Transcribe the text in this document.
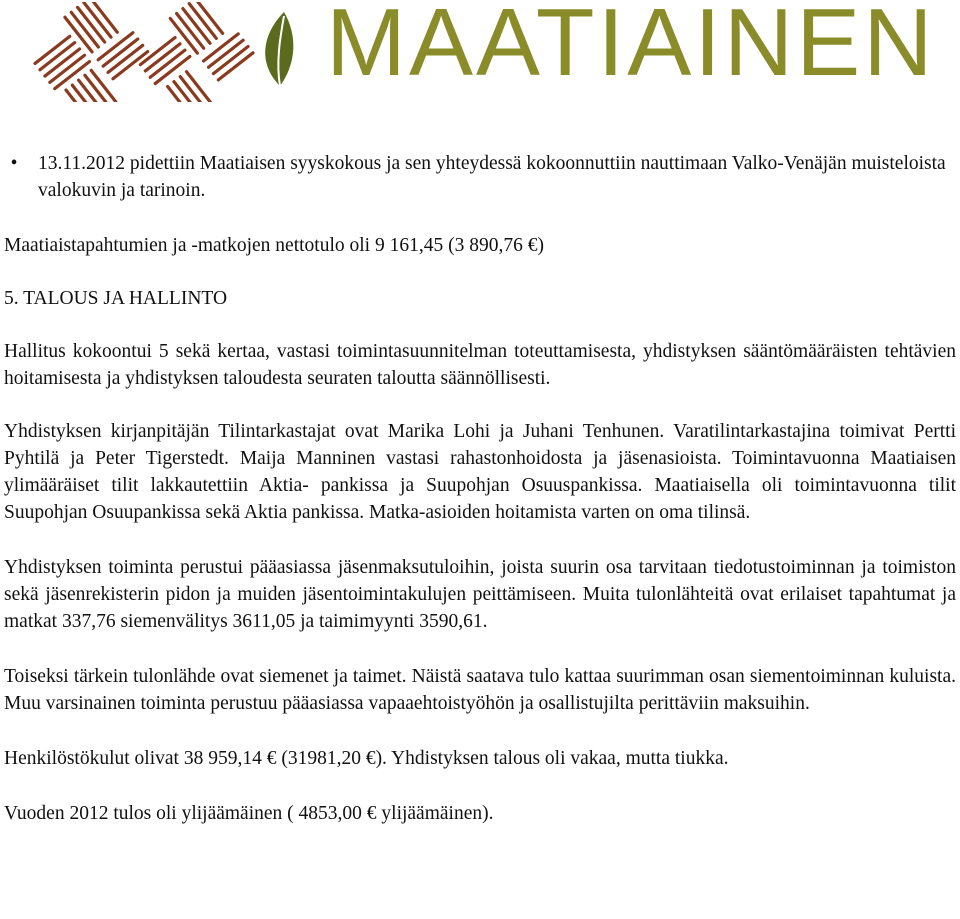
MAATIAINEN
•	13.11.2012 pidettiin Maatiaisen syyskokous ja sen yhteydessä kokoonnuttiin nauttimaan Valko-Venäjän muisteloista valokuvin ja tarinoin.

Maatiaistapahtumien ja -matkojen nettotulo oli 9 161,45 (3 890,76 €)

5. TALOUS JA HALLINTO

Hallitus kokoontui 5 sekä kertaa, vastasi toimintasuunnitelman toteuttamisesta, yhdistyksen sääntömääräisten tehtävien hoitamisesta ja yhdistyksen taloudesta seuraten taloutta säännöllisesti.

Yhdistyksen kirjanpitäjän Tilintarkastajat ovat Marika Lohi ja Juhani Tenhunen. Varatilintarkastajina toimivat Pertti Pyhtilä ja Peter Tigerstedt. Maija Manninen vastasi rahastonhoidosta ja jäsenasioista. Toimintavuonna Maatiaisen ylimääräiset tilit lakkautettiin Aktia- pankissa ja Suupohjan Osuuspankissa. Maatiaisella oli toimintavuonna tilit Suupohjan Osuupankissa sekä Aktia pankissa. Matka-asioiden hoitamista varten on oma tilinsä.

Yhdistyksen toiminta perustui pääasiassa jäsenmaksutuloihin, joista suurin osa tarvitaan tiedotustoiminnan ja toimiston sekä jäsenrekisterin pidon ja muiden jäsentoimintakulujen peittämiseen. Muita tulonlähteitä ovat erilaiset tapahtumat ja matkat 337,76 siemenvälitys 3611,05 ja taimimyynti 3590,61.

Toiseksi tärkein tulonlähde ovat siemenet ja taimet. Näistä saatava tulo kattaa suurimman osan siementoiminnan kuluista. Muu varsinainen toiminta perustuu pääasiassa vapaaehtoistyöhön ja osallistujilta perittäviin maksuihin.

Henkilöstökulut olivat 38 959,14 € (31981,20 €). Yhdistyksen talous oli vakaa, mutta tiukka.

Vuoden 2012 tulos oli ylijäämäinen ( 4853,00 € ylijäämäinen).
